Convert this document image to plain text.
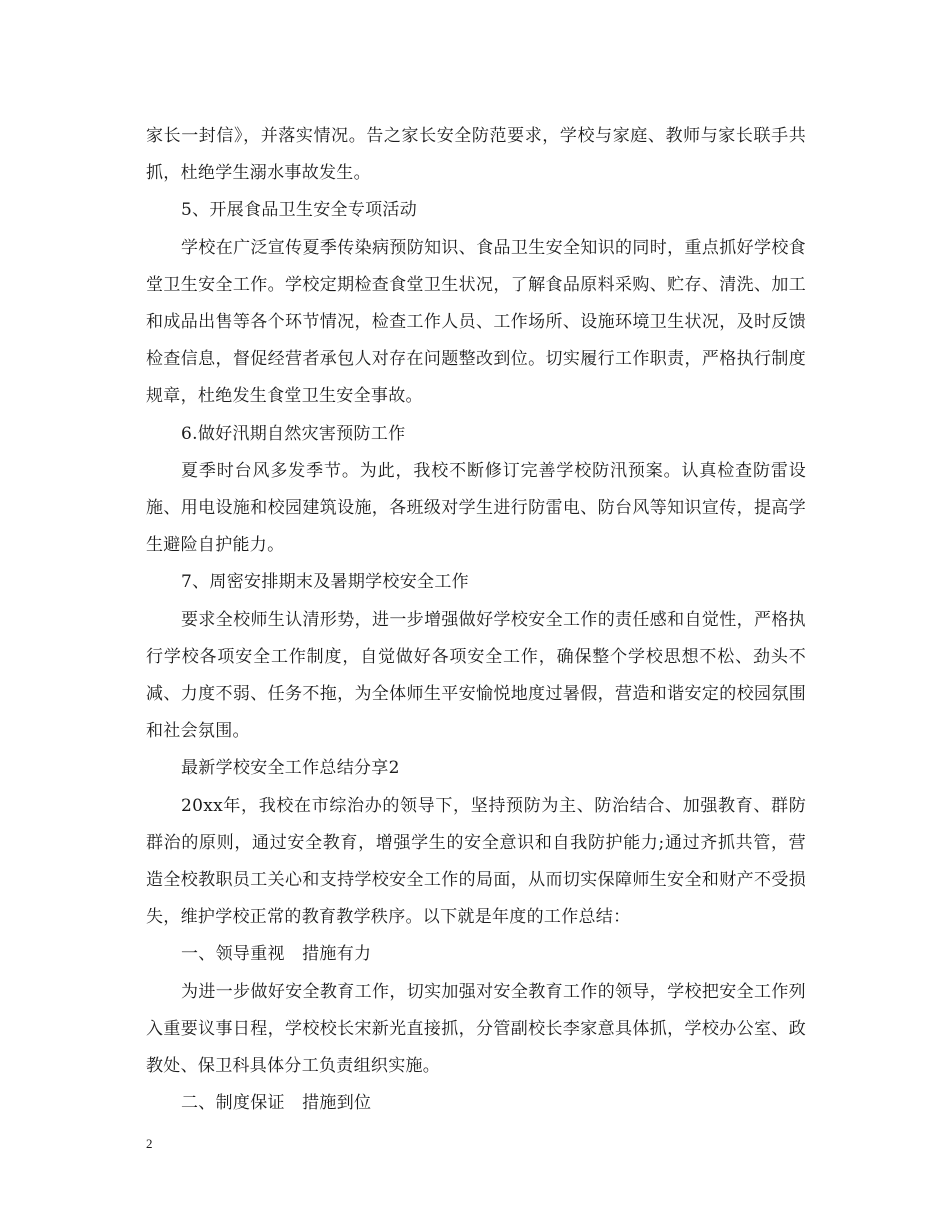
家长一封信》，并落实情况。告之家长安全防范要求，学校与家庭、教师与家长联手共抓，杜绝学生溺水事故发生。

5、开展食品卫生安全专项活动

学校在广泛宣传夏季传染病预防知识、食品卫生安全知识的同时，重点抓好学校食堂卫生安全工作。学校定期检查食堂卫生状况，了解食品原料采购、贮存、清洗、加工和成品出售等各个环节情况，检查工作人员、工作场所、设施环境卫生状况，及时反馈检查信息，督促经营者承包人对存在问题整改到位。切实履行工作职责，严格执行制度规章，杜绝发生食堂卫生安全事故。

6.做好汛期自然灾害预防工作

夏季时台风多发季节。为此，我校不断修订完善学校防汛预案。认真检查防雷设施、用电设施和校园建筑设施，各班级对学生进行防雷电、防台风等知识宣传，提高学生避险自护能力。

7、周密安排期末及暑期学校安全工作

要求全校师生认清形势，进一步增强做好学校安全工作的责任感和自觉性，严格执行学校各项安全工作制度，自觉做好各项安全工作，确保整个学校思想不松、劲头不减、力度不弱、任务不拖，为全体师生平安愉悦地度过暑假，营造和谐安定的校园氛围和社会氛围。

最新学校安全工作总结分享2

20xx年，我校在市综治办的领导下，坚持预防为主、防治结合、加强教育、群防群治的原则，通过安全教育，增强学生的安全意识和自我防护能力;通过齐抓共管，营造全校教职员工关心和支持学校安全工作的局面，从而切实保障师生安全和财产不受损失，维护学校正常的教育教学秩序。以下就是年度的工作总结：

一、领导重视　措施有力

为进一步做好安全教育工作，切实加强对安全教育工作的领导，学校把安全工作列入重要议事日程，学校校长宋新光直接抓，分管副校长李家意具体抓，学校办公室、政教处、保卫科具体分工负责组织实施。

二、制度保证　措施到位

2
